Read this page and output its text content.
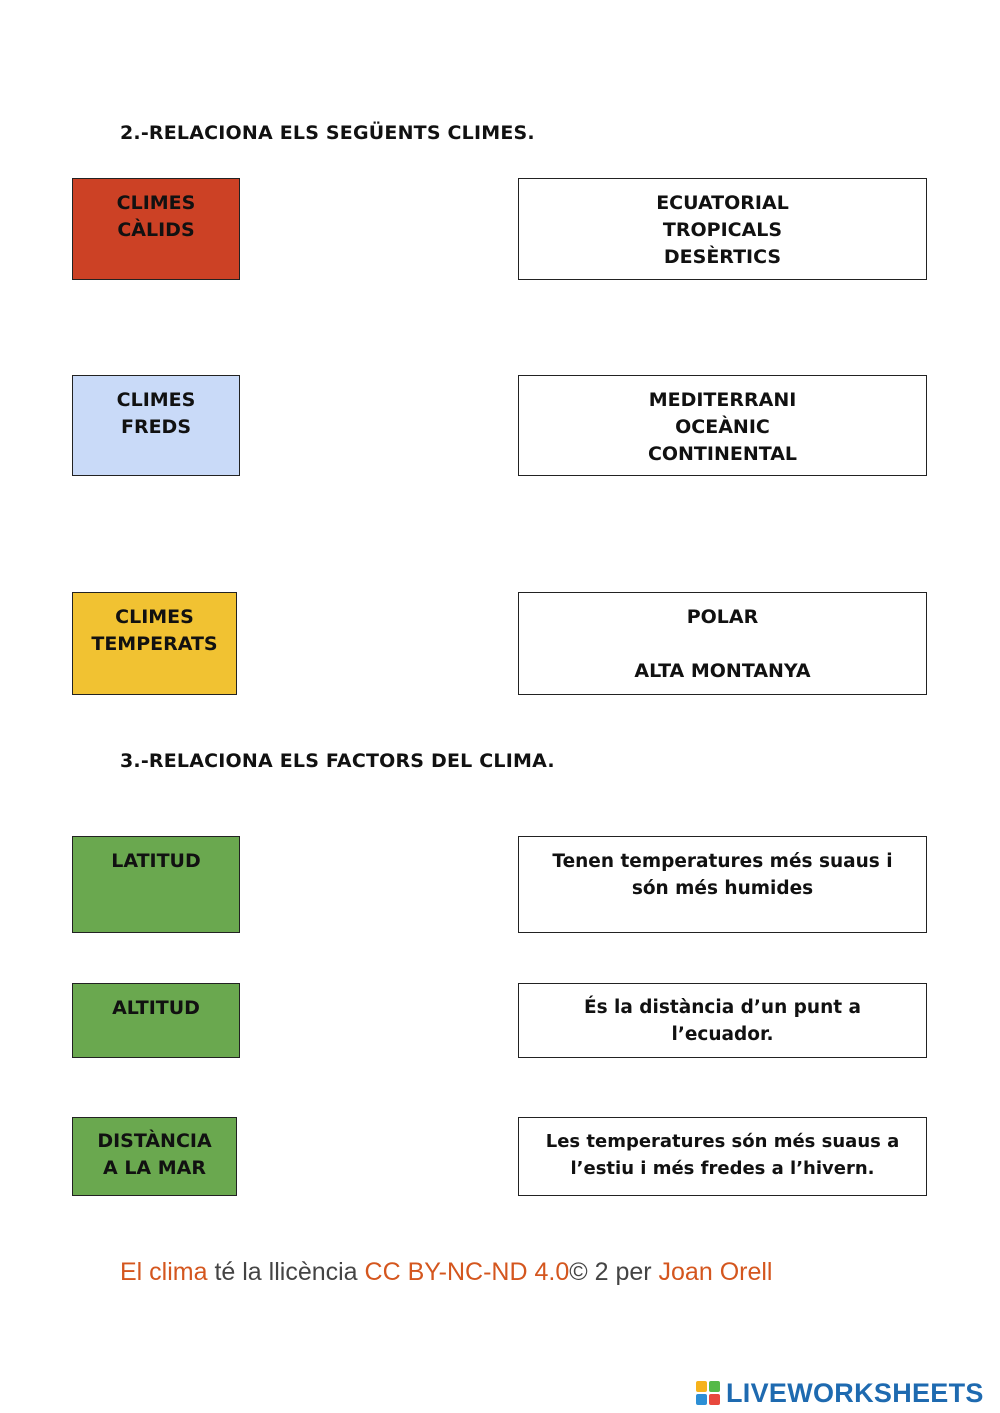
2.-RELACIONA ELS SEGÜENTS CLIMES.
CLIMES
CÀLIDS
CLIMES
FREDS
CLIMES
TEMPERATS
ECUATORIAL
TROPICALS
DESÈRTICS
MEDITERRANI
OCEÀNIC
CONTINENTAL
POLAR
ALTA MONTANYA
3.-RELACIONA ELS FACTORS DEL CLIMA.
LATITUD
ALTITUD
DISTÀNCIA
A LA MAR
Tenen temperatures més suaus i
són més humides
És la distància d’un punt a
l’ecuador.
Les temperatures són més suaus a
l’estiu i més fredes a l’hivern.
El clima té la llicència CC BY-NC-ND 4.0© 2 per Joan Orell
LIVEWORKSHEETS
